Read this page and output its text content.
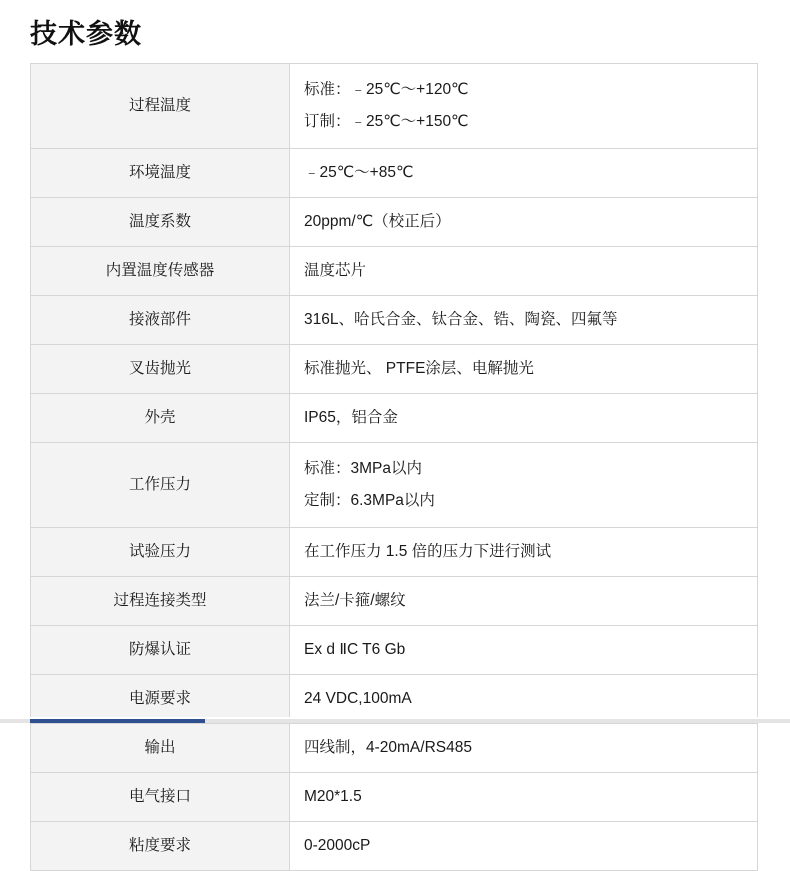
技术参数
过程温度	标准：﹣25℃～+120℃
订制：﹣25℃～+150℃

环境温度	﹣25℃～+85℃

温度系数	20ppm/℃（校正后）

内置温度传感器	温度芯片

接液部件	316L、哈氏合金、钛合金、锆、陶瓷、四氟等

叉齿抛光	标准抛光、 PTFE涂层、电解抛光

外壳	IP65，铝合金

工作压力	标准：3MPa以内
定制：6.3MPa以内

试验压力	在工作压力 1.5 倍的压力下进行测试

过程连接类型	法兰/卡箍/螺纹

防爆认证	Ex d ⅡC T6 Gb

电源要求	24 VDC,100mA

输出	四线制，4-20mA/RS485

电气接口	M20*1.5

粘度要求	0-2000cP
